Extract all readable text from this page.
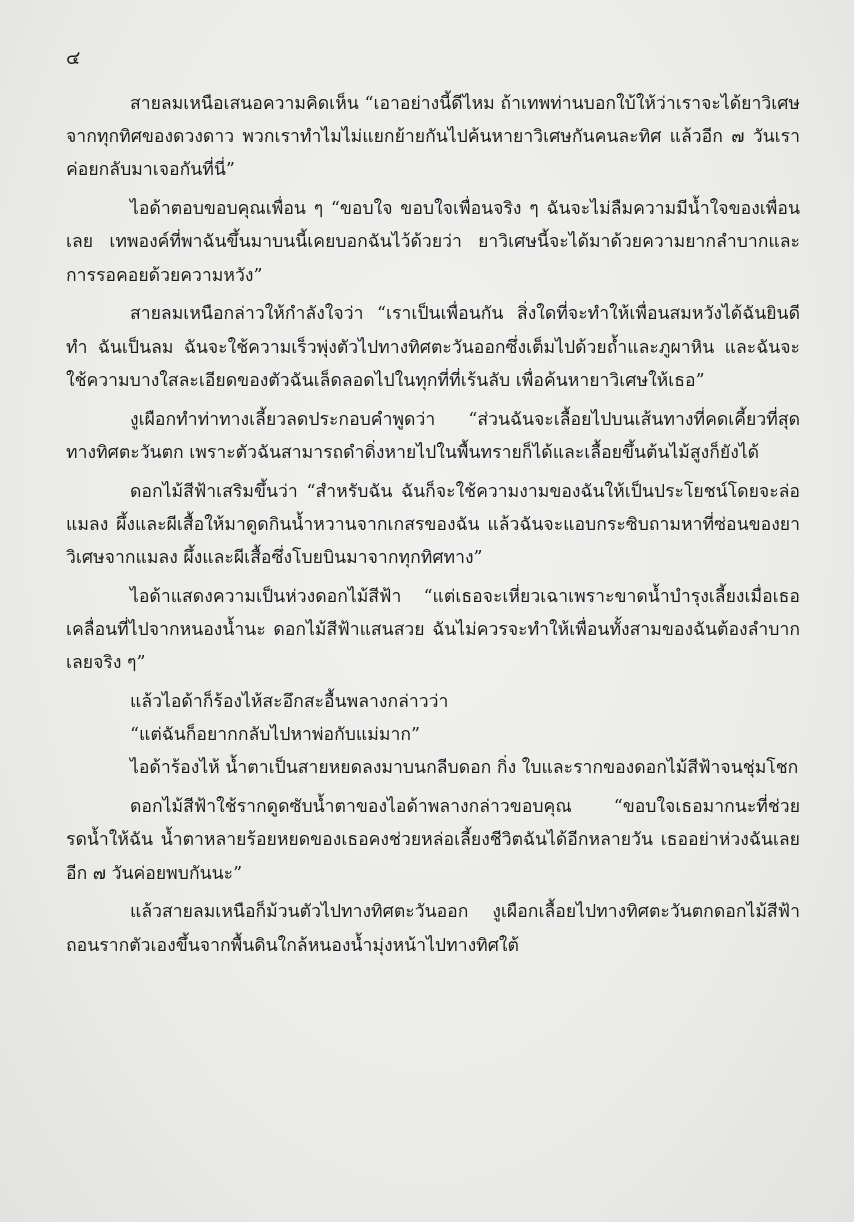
๔

สายลมเหนือเสนอความคิดเห็น “เอาอย่างนี้ดีไหม ถ้าเทพท่านบอกใบ้ให้ว่าเราจะได้ยาวิเศษจากทุกทิศของดวงดาว พวกเราทำไมไม่แยกย้ายกันไปค้นหายาวิเศษกันคนละทิศ แล้วอีก ๗ วันเราค่อยกลับมาเจอกันที่นี่”

ไอด้าตอบขอบคุณเพื่อน ๆ “ขอบใจ ขอบใจเพื่อนจริง ๆ ฉันจะไม่ลืมความมีน้ำใจของเพื่อนเลย เทพองค์ที่พาฉันขึ้นมาบนนี้เคยบอกฉันไว้ด้วยว่า ยาวิเศษนี้จะได้มาด้วยความยากลำบากและการรอคอยด้วยความหวัง”

สายลมเหนือกล่าวให้กำลังใจว่า “เราเป็นเพื่อนกัน สิ่งใดที่จะทำให้เพื่อนสมหวังได้ฉันยินดีทำ ฉันเป็นลม ฉันจะใช้ความเร็วพุ่งตัวไปทางทิศตะวันออกซึ่งเต็มไปด้วยถ้ำและภูผาหิน และฉันจะใช้ความบางใสละเอียดของตัวฉันเล็ดลอดไปในทุกที่ที่เร้นลับ เพื่อค้นหายาวิเศษให้เธอ”

งูเผือกทำท่าทางเลี้ยวลดประกอบคำพูดว่า “ส่วนฉันจะเลื้อยไปบนเส้นทางที่คดเคี้ยวที่สุดทางทิศตะวันตก เพราะตัวฉันสามารถดำดิ่งหายไปในพื้นทรายก็ได้และเลื้อยขึ้นต้นไม้สูงก็ยังได้

ดอกไม้สีฟ้าเสริมขึ้นว่า “สำหรับฉัน ฉันก็จะใช้ความงามของฉันให้เป็นประโยชน์โดยจะล่อแมลง ผึ้งและผีเสื้อให้มาดูดกินน้ำหวานจากเกสรของฉัน แล้วฉันจะแอบกระซิบถามหาที่ซ่อนของยาวิเศษจากแมลง ผึ้งและผีเสื้อซึ่งโบยบินมาจากทุกทิศทาง”

ไอด้าแสดงความเป็นห่วงดอกไม้สีฟ้า “แต่เธอจะเหี่ยวเฉาเพราะขาดน้ำบำรุงเลี้ยงเมื่อเธอเคลื่อนที่ไปจากหนองน้ำนะ ดอกไม้สีฟ้าแสนสวย ฉันไม่ควรจะทำให้เพื่อนทั้งสามของฉันต้องลำบากเลยจริง ๆ”

แล้วไอด้าก็ร้องไห้สะอึกสะอื้นพลางกล่าวว่า

“แต่ฉันก็อยากกลับไปหาพ่อกับแม่มาก”

ไอด้าร้องไห้ น้ำตาเป็นสายหยดลงมาบนกลีบดอก กิ่ง ใบและรากของดอกไม้สีฟ้าจนชุ่มโชก

ดอกไม้สีฟ้าใช้รากดูดซับน้ำตาของไอด้าพลางกล่าวขอบคุณ “ขอบใจเธอมากนะที่ช่วยรดน้ำให้ฉัน น้ำตาหลายร้อยหยดของเธอคงช่วยหล่อเลี้ยงชีวิตฉันได้อีกหลายวัน เธออย่าห่วงฉันเลย อีก ๗ วันค่อยพบกันนะ”

แล้วสายลมเหนือก็ม้วนตัวไปทางทิศตะวันออก งูเผือกเลื้อยไปทางทิศตะวันตกดอกไม้สีฟ้าถอนรากตัวเองขึ้นจากพื้นดินใกล้หนองน้ำมุ่งหน้าไปทางทิศใต้
